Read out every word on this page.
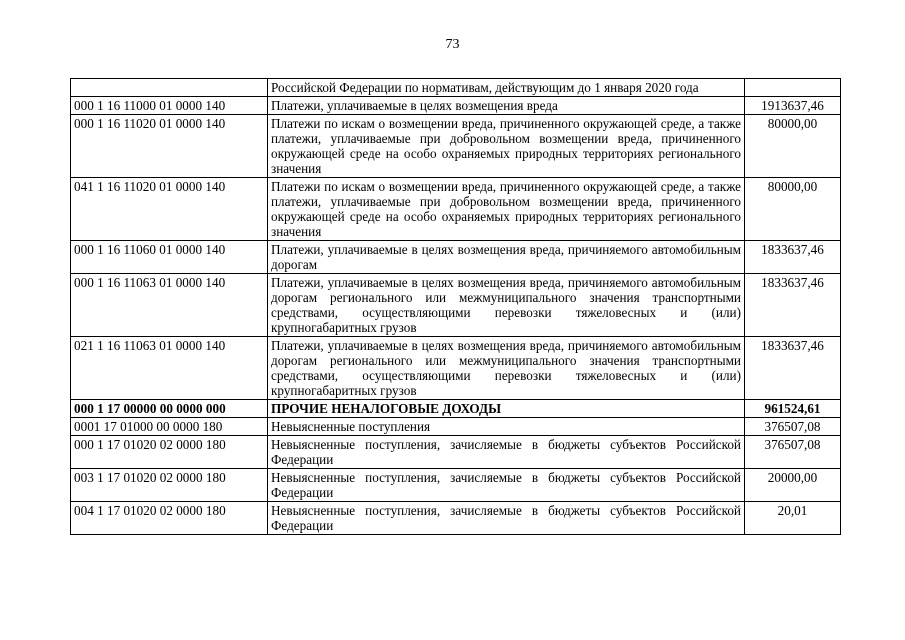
73
	Российской Федерации по нормативам, действующим до 1 января 2020 года	
000 1 16 11000 01 0000 140	Платежи, уплачиваемые в целях возмещения вреда	1913637,46
000 1 16 11020 01 0000 140	Платежи по искам о возмещении вреда, причиненного окружающей среде, а также платежи, уплачиваемые при добровольном возмещении вреда, причиненного окружающей среде на особо охраняемых природных территориях регионального значения	80000,00
041 1 16 11020 01 0000 140	Платежи по искам о возмещении вреда, причиненного окружающей среде, а также платежи, уплачиваемые при добровольном возмещении вреда, причиненного окружающей среде на особо охраняемых природных территориях регионального значения	80000,00
000 1 16 11060 01 0000 140	Платежи, уплачиваемые в целях возмещения вреда, причиняемого автомобильным дорогам	1833637,46
000 1 16 11063 01 0000 140	Платежи, уплачиваемые в целях возмещения вреда, причиняемого автомобильным дорогам регионального или межмуниципального значения транспортными средствами, осуществляющими перевозки тяжеловесных и (или) крупногабаритных грузов	1833637,46
021 1 16 11063 01 0000 140	Платежи, уплачиваемые в целях возмещения вреда, причиняемого автомобильным дорогам регионального или межмуниципального значения транспортными средствами, осуществляющими перевозки тяжеловесных и (или) крупногабаритных грузов	1833637,46
000 1 17 00000 00 0000 000	ПРОЧИЕ НЕНАЛОГОВЫЕ ДОХОДЫ	961524,61
0001 17 01000 00 0000 180	Невыясненные поступления	376507,08
000 1 17 01020 02 0000 180	Невыясненные поступления, зачисляемые в бюджеты субъектов Российской Федерации	376507,08
003 1 17 01020 02 0000 180	Невыясненные поступления, зачисляемые в бюджеты субъектов Российской Федерации	20000,00
004 1 17 01020 02 0000 180	Невыясненные поступления, зачисляемые в бюджеты субъектов Российской Федерации	20,01
